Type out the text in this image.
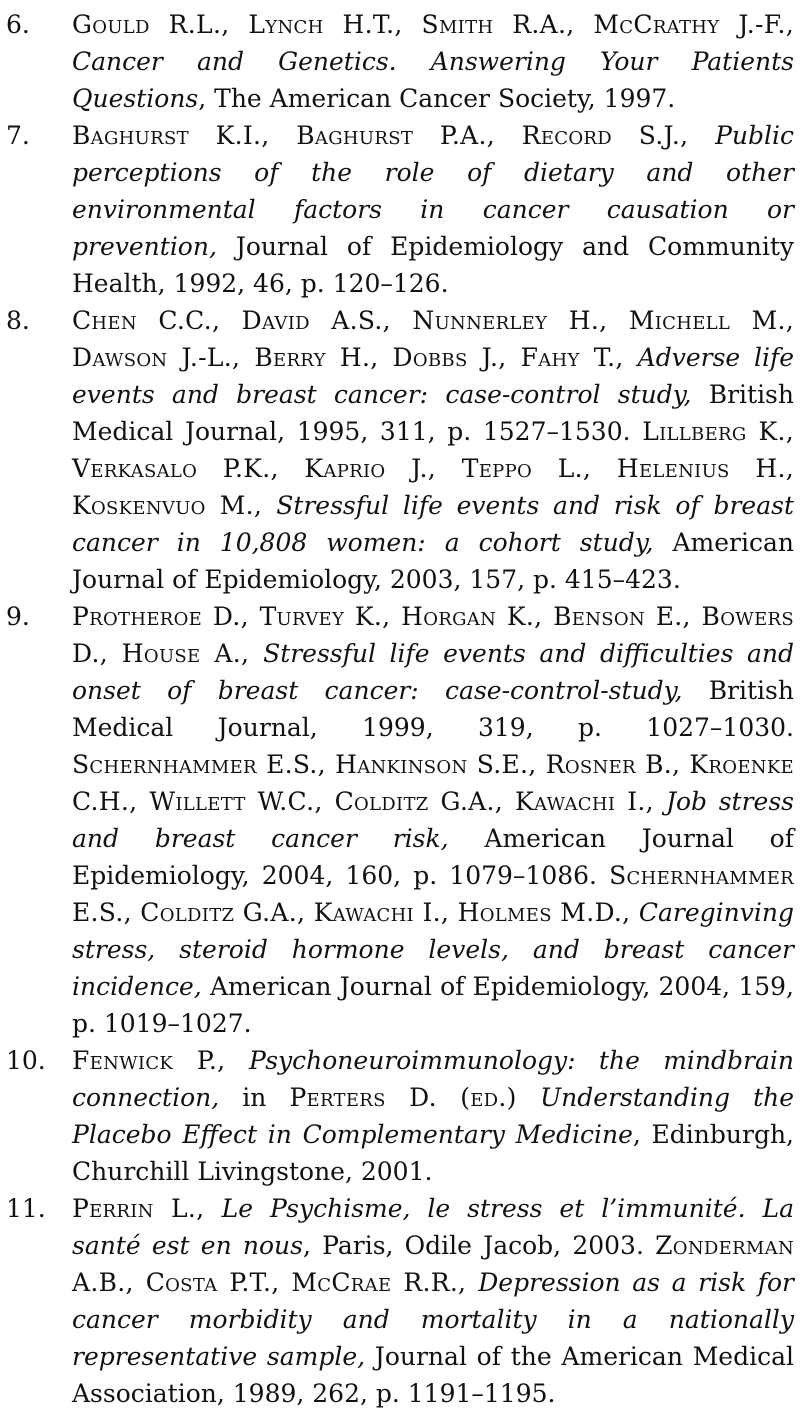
6.	Gould R.L., Lynch H.T., Smith R.A., McCrathy J.-F., Cancer and Genetics. Answering Your Patients Questions, The American Cancer Society, 1997.
7.	Baghurst K.I., Baghurst P.A., Record S.J., Public perceptions of the role of dietary and other environmental factors in cancer causation or prevention, Journal of Epidemiology and Community Health, 1992, 46, p. 120–126.
8.	Chen C.C., David A.S., Nunnerley H., Michell M., Dawson J.-L., Berry H., Dobbs J., Fahy T., Adverse life events and breast cancer: case-control study, British Medical Journal, 1995, 311, p. 1527–1530. Lillberg K., Verkasalo P.K., Kaprio J., Teppo L., Helenius H., Koskenvuo M., Stressful life events and risk of breast cancer in 10,808 women: a cohort study, American Journal of Epidemiology, 2003, 157, p. 415–423.
9.	Protheroe D., Turvey K., Horgan K., Benson E., Bowers D., House A., Stressful life events and difficulties and onset of breast cancer: case-control-study, British Medical Journal, 1999, 319, p. 1027–1030. Schernhammer E.S., Hankinson S.E., Rosner B., Kroenke C.H., Willett W.C., Colditz G.A., Kawachi I., Job stress and breast cancer risk, American Journal of Epidemiology, 2004, 160, p. 1079–1086. Schernhammer E.S., Colditz G.A., Kawachi I., Holmes M.D., Careginving stress, steroid hormone levels, and breast cancer incidence, American Journal of Epidemiology, 2004, 159, p. 1019–1027.
10.	Fenwick P., Psychoneuroimmunology: the mindbrain connection, in Perters D. (ed.) Understanding the Placebo Effect in Complementary Medicine, Edinburgh, Churchill Livingstone, 2001.
11.	Perrin L., Le Psychisme, le stress et l’immunité. La santé est en nous, Paris, Odile Jacob, 2003. Zonderman A.B., Costa P.T., McCrae R.R., Depression as a risk for cancer morbidity and mortality in a nationally representative sample, Journal of the American Medical Association, 1989, 262, p. 1191–1195.
